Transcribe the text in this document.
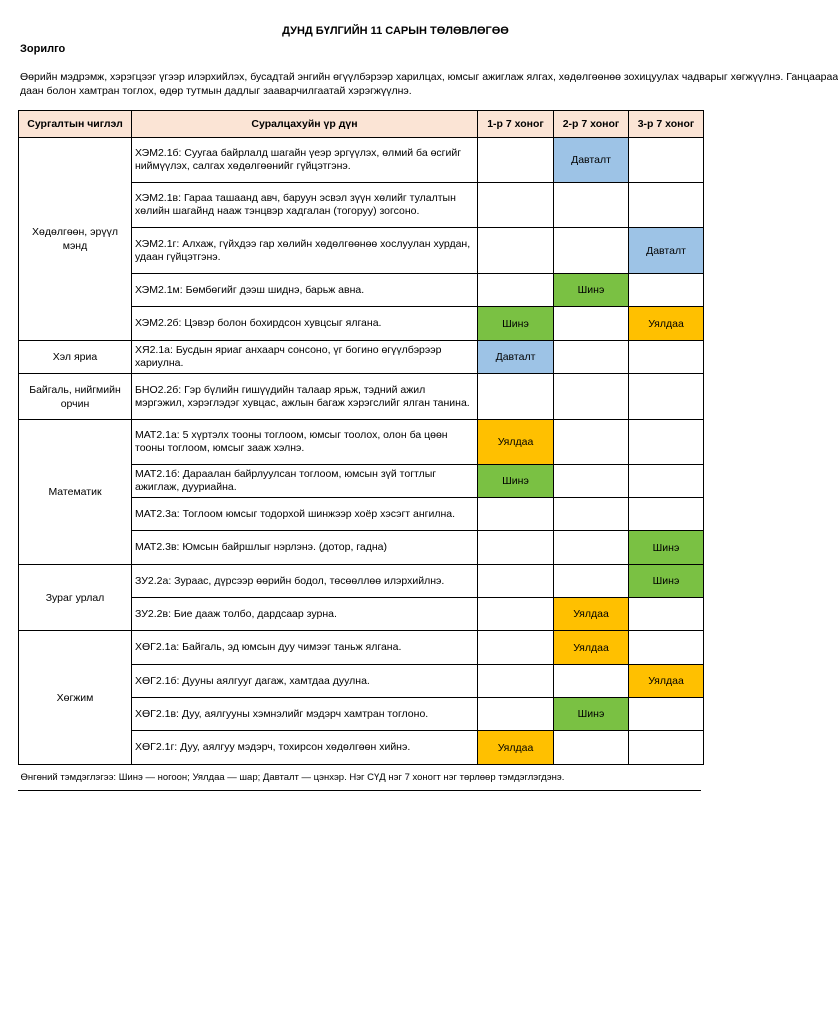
ДУНД БҮЛГИЙН 11 САРЫН ТӨЛӨВЛӨГӨӨ
Зорилго
Өөрийн мэдрэмж, хэрэгцээг үгээр илэрхийлэх, бусадтай энгийн өгүүлбэрээр харилцах, юмсыг ажиглаж ялгах, хөдөлгөөнөө зохицуулах чадварыг хөгжүүлнэ. Ганцаараа
даан болон хамтран тоглох, өдөр тутмын дадлыг зааварчилгаатай хэрэгжүүлнэ.
Сургалтын чиглэл	Суралцахуйн үр дүн	1-р 7 хоног	2-р 7 хоног	3-р 7 хоног
Хөдөлгөөн, эрүүл мэнд	ХЭМ2.1б: Суугаа байрлалд шагайн үеэр эргүүлэх, өлмий ба өсгийг ниймүүлэх, салгах хөдөлгөөнийг гүйцэтгэнэ.		Давталт	
	ХЭМ2.1в: Гараа ташаанд авч, баруун эсвэл зүүн хөлийг тулалтын хөлийн шагайнд нааж тэнцвэр хадгалан (тогоруу) зогсоно.			
	ХЭМ2.1г: Алхаж, гүйхдээ гар хөлийн хөдөлгөөнөө хослуулан хурдан, удаан гүйцэтгэнэ.			Давталт
	ХЭМ2.1м: Бөмбөгийг дээш шиднэ, барьж авна.		Шинэ	
	ХЭМ2.2б: Цэвэр болон бохирдсон хувцсыг ялгана.	Шинэ		Уялдаа
Хэл яриа	ХЯ2.1а: Бусдын яриаг анхаарч сонсоно, үг богино өгүүлбэрээр хариулна.	Давталт		
Байгаль, нийгмийн орчин	БНО2.2б: Гэр бүлийн гишүүдийн талаар ярьж, тэдний ажил мэргэжил, хэрэглэдэг хувцас, ажлын багаж хэрэгслийг ялган танина.			
Математик	МАТ2.1а: 5 хүртэлх тооны тоглоом, юмсыг тоолох, олон ба цөөн тооны тоглоом, юмсыг зааж хэлнэ.	Уялдаа		
	МАТ2.1б: Дараалан байрлуулсан тоглоом, юмсын зүй тогтлыг ажиглаж, дууриайна.	Шинэ		
	МАТ2.3а: Тоглоом юмсыг тодорхой шинжээр хоёр хэсэгт ангилна.			
	МАТ2.3в: Юмсын байршлыг нэрлэнэ. (дотор, гадна)			Шинэ
Зураг урлал	ЗУ2.2а: Зураас, дүрсээр өөрийн бодол, төсөөллөө илэрхийлнэ.			Шинэ
	ЗУ2.2в: Бие дааж толбо, дардсаар зурна.		Уялдаа	
Хөгжим	ХӨГ2.1а: Байгаль, эд юмсын дуу чимээг таньж ялгана.		Уялдаа	
	ХӨГ2.1б: Дууны аялгууг дагаж, хамтдаа дуулна.			Уялдаа
	ХӨГ2.1в: Дуу, аялгууны хэмнэлийг мэдэрч хамтран тоглоно.		Шинэ	
	ХӨГ2.1г: Дуу, аялгуу мэдэрч, тохирсон хөдөлгөөн хийнэ.	Уялдаа		
Өнгөний тэмдэглэгээ: Шинэ — ногоон; Уялдаа — шар; Давталт — цэнхэр. Нэг СҮД нэг 7 хоногт нэг төрлөөр тэмдэглэгдэнэ.				
